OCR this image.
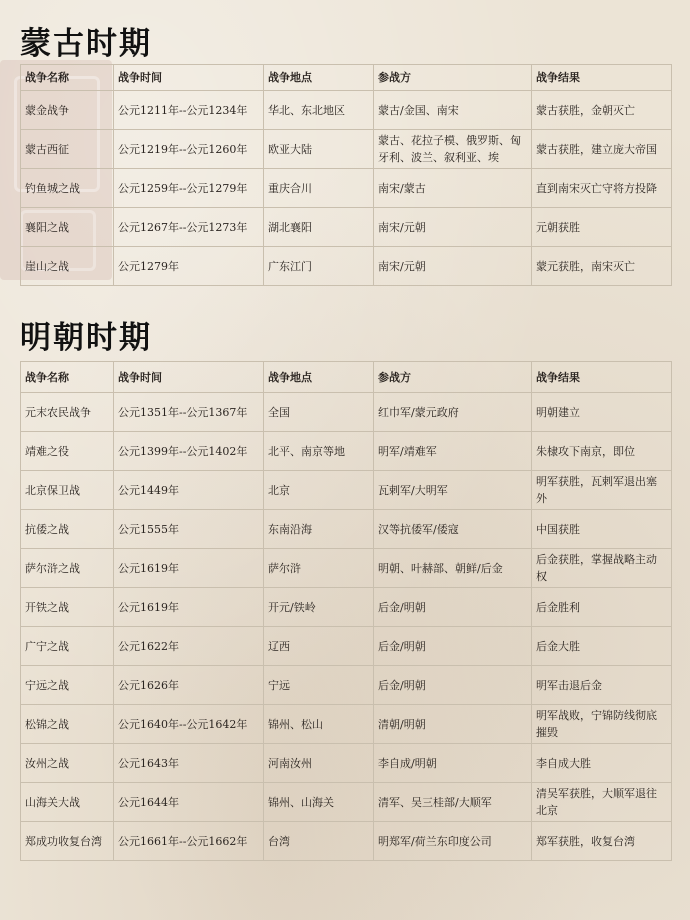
蒙古时期
战争名称	战争时间	战争地点	参战方	战争结果
蒙金战争	公元1211年--公元1234年	华北、东北地区	蒙古/金国、南宋	蒙古获胜，金朝灭亡
蒙古西征	公元1219年--公元1260年	欧亚大陆	蒙古、花拉子模、俄罗斯、匈牙利、波兰、叙利亚、埃	蒙古获胜，建立庞大帝国
钓鱼城之战	公元1259年--公元1279年	重庆合川	南宋/蒙古	直到南宋灭亡守将方投降
襄阳之战	公元1267年--公元1273年	湖北襄阳	南宋/元朝	元朝获胜
崖山之战	公元1279年	广东江门	南宋/元朝	蒙元获胜，南宋灭亡
明朝时期
战争名称	战争时间	战争地点	参战方	战争结果
元末农民战争	公元1351年--公元1367年	全国	红巾军/蒙元政府	明朝建立
靖难之役	公元1399年--公元1402年	北平、南京等地	明军/靖难军	朱棣攻下南京，即位
北京保卫战	公元1449年	北京	瓦剌军/大明军	明军获胜，瓦剌军退出塞外
抗倭之战	公元1555年	东南沿海	汉等抗倭军/倭寇	中国获胜
萨尔浒之战	公元1619年	萨尔浒	明朝、叶赫部、朝鲜/后金	后金获胜，掌握战略主动权
开铁之战	公元1619年	开元/铁岭	后金/明朝	后金胜利
广宁之战	公元1622年	辽西	后金/明朝	后金大胜
宁远之战	公元1626年	宁远	后金/明朝	明军击退后金
松锦之战	公元1640年--公元1642年	锦州、松山	清朝/明朝	明军战败，宁锦防线彻底摧毁
汝州之战	公元1643年	河南汝州	李自成/明朝	李自成大胜
山海关大战	公元1644年	锦州、山海关	清军、吴三桂部/大顺军	清吴军获胜，大顺军退往北京
郑成功收复台湾	公元1661年--公元1662年	台湾	明郑军/荷兰东印度公司	郑军获胜，收复台湾
